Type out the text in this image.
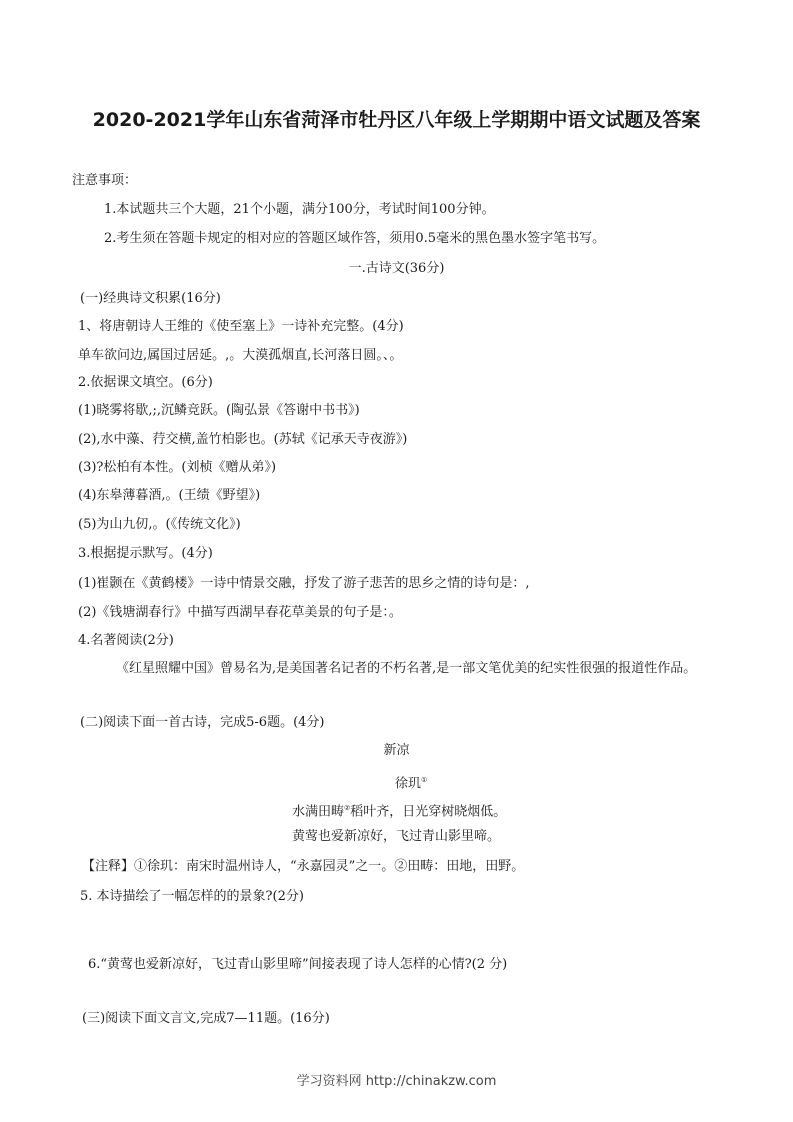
2020-2021学年山东省菏泽市牡丹区八年级上学期期中语文试题及答案
注意事项：
1.本试题共三个大题，21个小题，满分100分，考试时间100分钟。
2.考生须在答题卡规定的相对应的答题区域作答，须用0.5毫米的黑色墨水签字笔书写。
一.古诗文(36分)
(一)经典诗文积累(16分)
1、将唐朝诗人王维的《使至塞上》一诗补充完整。(4分)
单车欲问边,属国过居延。,。大漠孤烟直,长河落日圆。、。
2.依据课文填空。(6分)
(1)晓雾将歇,;,沉鳞竞跃。(陶弘景《答谢中书书》)
(2),水中藻、荇交横,盖竹柏影也。(苏轼《记承天寺夜游》)
(3)?松柏有本性。(刘桢《赠从弟》)
(4)东皋薄暮酒,。(王绩《野望》)
(5)为山九仞,。(《传统文化》)
3.根据提示默写。(4分)
(1)崔颢在《黄鹤楼》一诗中情景交融，抒发了游子悲苦的思乡之情的诗句是：,
(2)《钱塘湖春行》中描写西湖早春花草美景的句子是：。
4.名著阅读(2分)
《红星照耀中国》曾易名为,是美国著名记者的不朽名著,是一部文笔优美的纪实性很强的报道性作品。
(二)阅读下面一首古诗，完成5-6题。(4分)
新凉
徐玑①
水满田畴②稻叶齐，日光穿树晓烟低。
黄莺也爱新凉好，飞过青山影里啼。
【注释】①徐玑：南宋时温州诗人，“永嘉园灵”之一。②田畴：田地，田野。
5. 本诗描绘了一幅怎样的的景象?(2分)
6.“黄莺也爱新凉好，飞过青山影里啼”间接表现了诗人怎样的心情?(2 分)
(三)阅读下面文言文,完成7—11题。(16分)
学习资料网 http://chinakzw.com
